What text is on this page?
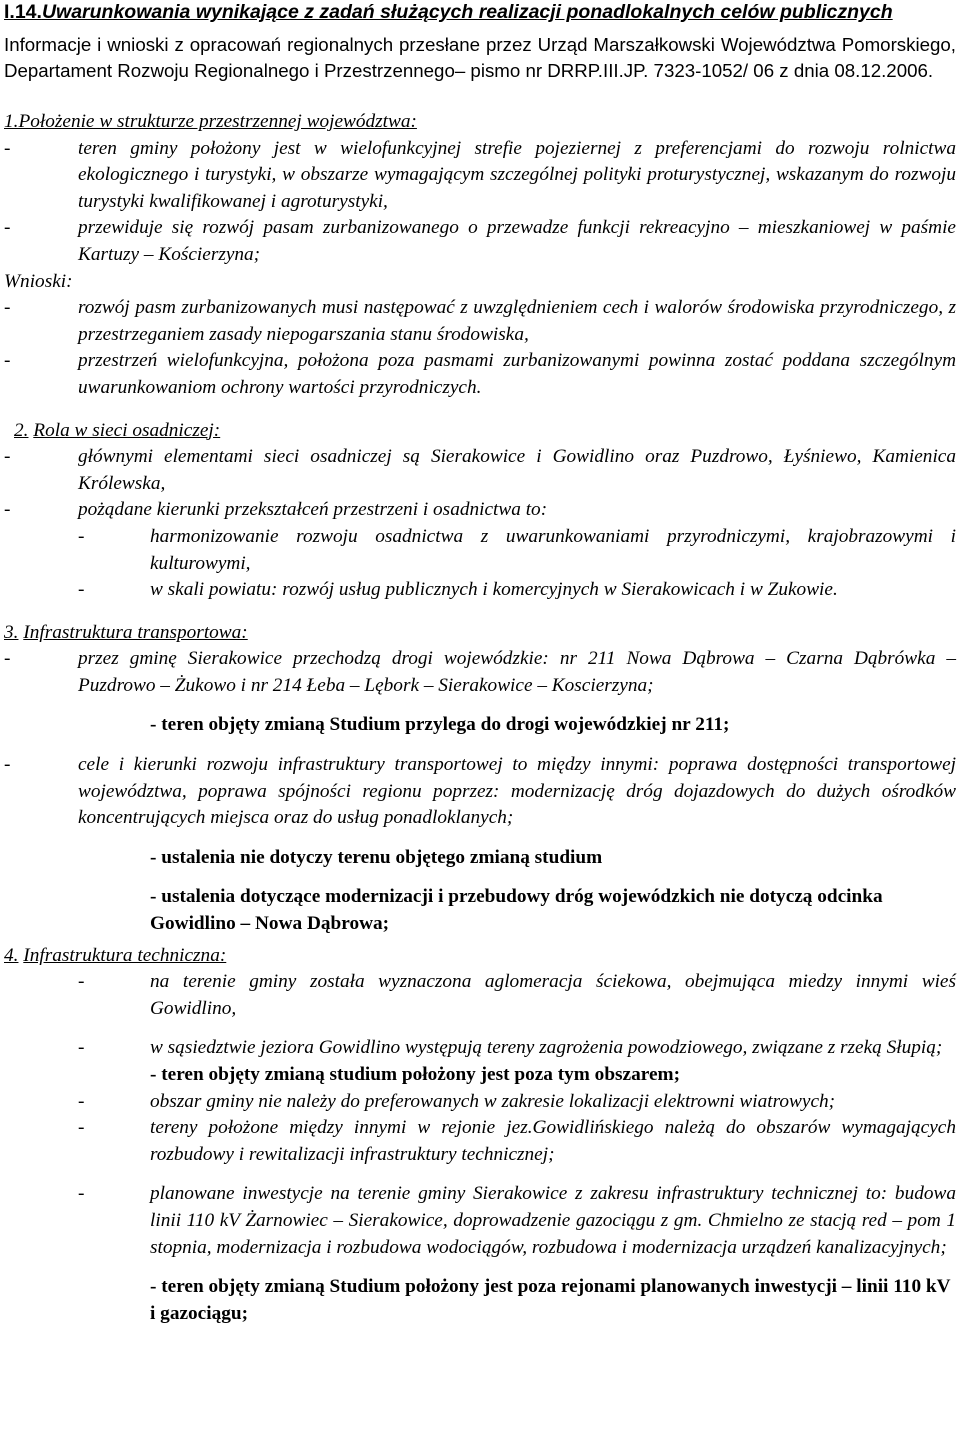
I.14.Uwarunkowania wynikające z zadań służących realizacji ponadlokalnych celów publicznych

Informacje i wnioski z opracowań regionalnych przesłane przez Urząd Marszałkowski Województwa Pomorskiego, Departament Rozwoju Regionalnego i Przestrzennego– pismo nr DRRP.III.JP. 7323-1052/ 06 z dnia 08.12.2006.

1.Położenie w strukturze przestrzennej województwa:

-	teren gminy położony jest w wielofunkcyjnej strefie pojeziernej z preferencjami do rozwoju rolnictwa ekologicznego i turystyki, w obszarze wymagającym szczególnej polityki proturystycznej, wskazanym do rozwoju turystyki kwalifikowanej i agroturystyki,
-	przewiduje się rozwój pasam zurbanizowanego o przewadze funkcji rekreacyjno – mieszkaniowej w paśmie Kartuzy – Kościerzyna;

Wnioski:

-	rozwój pasm zurbanizowanych musi następować z uwzględnieniem cech i walorów środowiska przyrodniczego, z przestrzeganiem zasady niepogarszania stanu środowiska,
-	przestrzeń wielofunkcyjna, położona poza pasmami zurbanizowanymi powinna zostać poddana szczególnym uwarunkowaniom ochrony wartości przyrodniczych.

2. Rola w sieci osadniczej:

-	głównymi elementami sieci osadniczej są Sierakowice i Gowidlino oraz Puzdrowo, Łyśniewo, Kamienica Królewska,
-	pożądane kierunki przekształceń przestrzeni i osadnictwa to:
-	harmonizowanie rozwoju osadnictwa z uwarunkowaniami przyrodniczymi, krajobrazowymi i kulturowymi,
-	w skali powiatu: rozwój usług publicznych i komercyjnych w Sierakowicach i w Zukowie.

3. Infrastruktura transportowa:

-	przez gminę Sierakowice przechodzą drogi wojewódzkie: nr 211 Nowa Dąbrowa – Czarna Dąbrówka – Puzdrowo – Żukowo i nr 214 Łeba – Lębork – Sierakowice – Koscierzyna;

- teren objęty zmianą Studium przylega do drogi wojewódzkiej nr 211;

-	cele i kierunki rozwoju infrastruktury transportowej to między innymi: poprawa dostępności transportowej województwa, poprawa spójności regionu poprzez: modernizację dróg dojazdowych do dużych ośrodków koncentrujących miejsca oraz do usług ponadloklanych;

- ustalenia nie dotyczy terenu objętego zmianą studium

- ustalenia dotyczące modernizacji i przebudowy dróg wojewódzkich nie dotyczą odcinka Gowidlino – Nowa Dąbrowa;

4. Infrastruktura techniczna:

-	na terenie gminy została wyznaczona aglomeracja ściekowa, obejmująca miedzy innymi wieś Gowidlino,
-	w sąsiedztwie jeziora Gowidlino występują tereny zagrożenia powodziowego, związane z rzeką Słupią;

- teren objęty zmianą studium położony jest poza tym obszarem;

-	obszar gminy nie należy do preferowanych w zakresie lokalizacji elektrowni wiatrowych;
-	tereny położone między innymi w rejonie jez.Gowidlińskiego należą do obszarów wymagających rozbudowy i rewitalizacji infrastruktury technicznej;
-	planowane inwestycje na terenie gminy Sierakowice z zakresu infrastruktury technicznej to: budowa linii 110 kV Żarnowiec – Sierakowice, doprowadzenie gazociągu z gm. Chmielno ze stacją red – pom 1 stopnia, modernizacja i rozbudowa wodociągów, rozbudowa i modernizacja urządzeń kanalizacyjnych;

- teren objęty zmianą Studium położony jest poza rejonami planowanych inwestycji – linii 110 kV i gazociągu;
